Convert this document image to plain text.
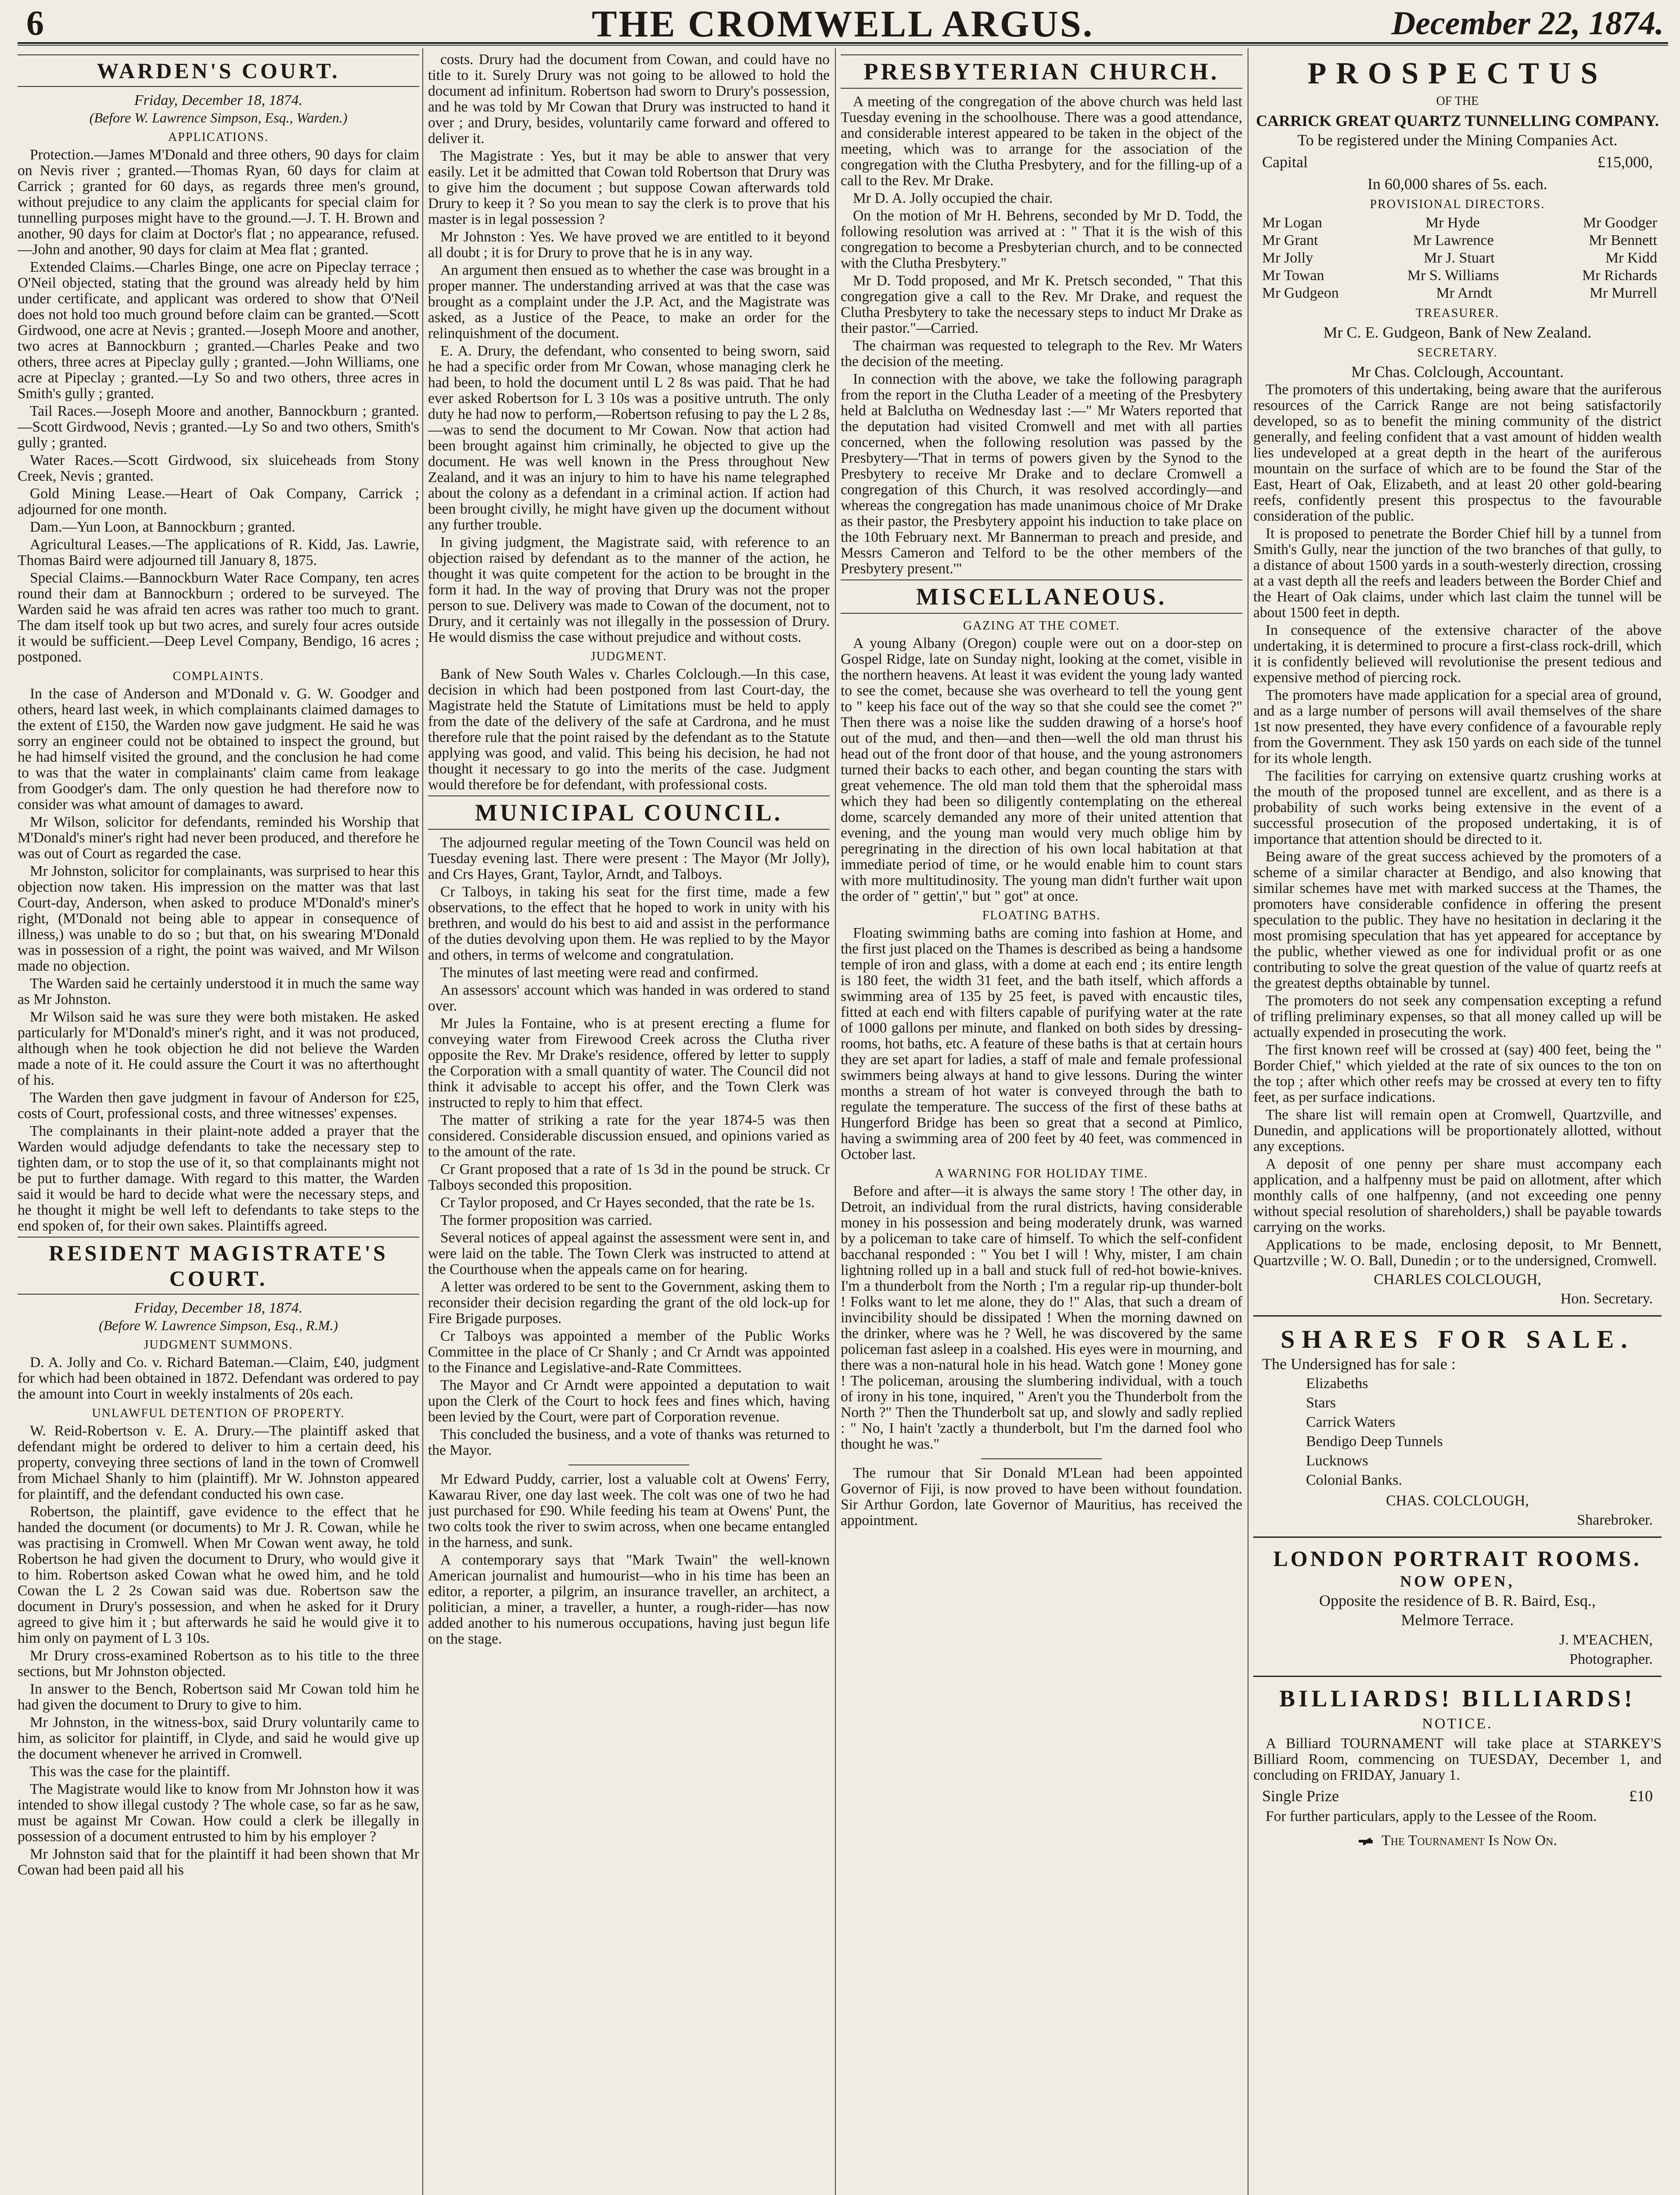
6	THE CROMWELL ARGUS.	December 22, 1874.
WARDEN'S COURT.
Friday, December 18, 1874.
(Before W. Lawrence Simpson, Esq., Warden.)
APPLICATIONS.

Protection.—James M'Donald and three others, 90 days for claim on Nevis river ; granted.—Thomas Ryan, 60 days for claim at Carrick ; granted for 60 days, as regards three men's ground, without prejudice to any claim the applicants for special claim for tunnelling purposes might have to the ground.—J. T. H. Brown and another, 90 days for claim at Doctor's flat ; no appearance, refused.—John and another, 90 days for claim at Mea flat ; granted.

Extended Claims.—Charles Binge, one acre on Pipeclay terrace ; O'Neil objected, stating that the ground was already held by him under certificate, and applicant was ordered to show that O'Neil does not hold too much ground before claim can be granted.—Scott Girdwood, one acre at Nevis ; granted.—Joseph Moore and another, two acres at Bannockburn ; granted.—Charles Peake and two others, three acres at Pipeclay gully ; granted.—John Williams, one acre at Pipeclay ; granted.—Ly So and two others, three acres in Smith's gully ; granted.

Tail Races.—Joseph Moore and another, Bannockburn ; granted.—Scott Girdwood, Nevis ; granted.—Ly So and two others, Smith's gully ; granted.

Water Races.—Scott Girdwood, six sluiceheads from Stony Creek, Nevis ; granted.

Gold Mining Lease.—Heart of Oak Company, Carrick ; adjourned for one month.

Dam.—Yun Loon, at Bannockburn ; granted.

Agricultural Leases.—The applications of R. Kidd, Jas. Lawrie, Thomas Baird were adjourned till January 8, 1875.

Special Claims.—Bannockburn Water Race Company, ten acres round their dam at Bannockburn ; ordered to be surveyed. The Warden said he was afraid ten acres was rather too much to grant. The dam itself took up but two acres, and surely four acres outside it would be sufficient.—Deep Level Company, Bendigo, 16 acres ; postponed.

COMPLAINTS.

In the case of Anderson and M'Donald v. G. W. Goodger and others, heard last week, in which complainants claimed damages to the extent of £150, the Warden now gave judgment. He said he was sorry an engineer could not be obtained to inspect the ground, but he had himself visited the ground, and the conclusion he had come to was that the water in complainants' claim came from leakage from Goodger's dam. The only question he had therefore now to consider was what amount of damages to award.

Mr Wilson, solicitor for defendants, reminded his Worship that M'Donald's miner's right had never been produced, and therefore he was out of Court as regarded the case.

Mr Johnston, solicitor for complainants, was surprised to hear this objection now taken. His impression on the matter was that last Court-day, Anderson, when asked to produce M'Donald's miner's right, (M'Donald not being able to appear in consequence of illness,) was unable to do so ; but that, on his swearing M'Donald was in possession of a right, the point was waived, and Mr Wilson made no objection.

The Warden said he certainly understood it in much the same way as Mr Johnston.

Mr Wilson said he was sure they were both mistaken. He asked particularly for M'Donald's miner's right, and it was not produced, although when he took objection he did not believe the Warden made a note of it. He could assure the Court it was no afterthought of his.

The Warden then gave judgment in favour of Anderson for £25, costs of Court, professional costs, and three witnesses' expenses.

The complainants in their plaint-note added a prayer that the Warden would adjudge defendants to take the necessary step to tighten dam, or to stop the use of it, so that complainants might not be put to further damage. With regard to this matter, the Warden said it would be hard to decide what were the necessary steps, and he thought it might be well left to defendants to take steps to the end spoken of, for their own sakes. Plaintiffs agreed.

RESIDENT MAGISTRATE'S COURT.
Friday, December 18, 1874.
(Before W. Lawrence Simpson, Esq., R.M.)
JUDGMENT SUMMONS.

D. A. Jolly and Co. v. Richard Bateman.—Claim, £40, judgment for which had been obtained in 1872. Defendant was ordered to pay the amount into Court in weekly instalments of 20s each.

UNLAWFUL DETENTION OF PROPERTY.

W. Reid-Robertson v. E. A. Drury.—The plaintiff asked that defendant might be ordered to deliver to him a certain deed, his property, conveying three sections of land in the town of Cromwell from Michael Shanly to him (plaintiff). Mr W. Johnston appeared for plaintiff, and the defendant conducted his own case.

Robertson, the plaintiff, gave evidence to the effect that he handed the document (or documents) to Mr J. R. Cowan, while he was practising in Cromwell. When Mr Cowan went away, he told Robertson he had given the document to Drury, who would give it to him. Robertson asked Cowan what he owed him, and he told Cowan the L 2 2s Cowan said was due. Robertson saw the document in Drury's possession, and when he asked for it Drury agreed to give him it ; but afterwards he said he would give it to him only on payment of L 3 10s.

Mr Drury cross-examined Robertson as to his title to the three sections, but Mr Johnston objected.

In answer to the Bench, Robertson said Mr Cowan told him he had given the document to Drury to give to him.

Mr Johnston, in the witness-box, said Drury voluntarily came to him, as solicitor for plaintiff, in Clyde, and said he would give up the document whenever he arrived in Cromwell.

This was the case for the plaintiff.

The Magistrate would like to know from Mr Johnston how it was intended to show illegal custody ? The whole case, so far as he saw, must be against Mr Cowan. How could a clerk be illegally in possession of a document entrusted to him by his employer ?

Mr Johnston said that for the plaintiff it had been shown that Mr Cowan had been paid all his

costs. Drury had the document from Cowan, and could have no title to it. Surely Drury was not going to be allowed to hold the document ad infinitum. Robertson had sworn to Drury's possession, and he was told by Mr Cowan that Drury was instructed to hand it over ; and Drury, besides, voluntarily came forward and offered to deliver it.

The Magistrate : Yes, but it may be able to answer that very easily. Let it be admitted that Cowan told Robertson that Drury was to give him the document ; but suppose Cowan afterwards told Drury to keep it ? So you mean to say the clerk is to prove that his master is in legal possession ?

Mr Johnston : Yes. We have proved we are entitled to it beyond all doubt ; it is for Drury to prove that he is in any way.

An argument then ensued as to whether the case was brought in a proper manner. The understanding arrived at was that the case was brought as a complaint under the J.P. Act, and the Magistrate was asked, as a Justice of the Peace, to make an order for the relinquishment of the document.

E. A. Drury, the defendant, who consented to being sworn, said he had a specific order from Mr Cowan, whose managing clerk he had been, to hold the document until L 2 8s was paid. That he had ever asked Robertson for L 3 10s was a positive untruth. The only duty he had now to perform,—Robertson refusing to pay the L 2 8s,—was to send the document to Mr Cowan. Now that action had been brought against him criminally, he objected to give up the document. He was well known in the Press throughout New Zealand, and it was an injury to him to have his name telegraphed about the colony as a defendant in a criminal action. If action had been brought civilly, he might have given up the document without any further trouble.

In giving judgment, the Magistrate said, with reference to an objection raised by defendant as to the manner of the action, he thought it was quite competent for the action to be brought in the form it had. In the way of proving that Drury was not the proper person to sue. Delivery was made to Cowan of the document, not to Drury, and it certainly was not illegally in the possession of Drury. He would dismiss the case without prejudice and without costs.

JUDGMENT.

Bank of New South Wales v. Charles Colclough.—In this case, decision in which had been postponed from last Court-day, the Magistrate held the Statute of Limitations must be held to apply from the date of the delivery of the safe at Cardrona, and he must therefore rule that the point raised by the defendant as to the Statute applying was good, and valid. This being his decision, he had not thought it necessary to go into the merits of the case. Judgment would therefore be for defendant, with professional costs.

MUNICIPAL COUNCIL.

The adjourned regular meeting of the Town Council was held on Tuesday evening last. There were present : The Mayor (Mr Jolly), and Crs Hayes, Grant, Taylor, Arndt, and Talboys.

Cr Talboys, in taking his seat for the first time, made a few observations, to the effect that he hoped to work in unity with his brethren, and would do his best to aid and assist in the performance of the duties devolving upon them. He was replied to by the Mayor and others, in terms of welcome and congratulation.

The minutes of last meeting were read and confirmed.

An assessors' account which was handed in was ordered to stand over.

Mr Jules la Fontaine, who is at present erecting a flume for conveying water from Firewood Creek across the Clutha river opposite the Rev. Mr Drake's residence, offered by letter to supply the Corporation with a small quantity of water. The Council did not think it advisable to accept his offer, and the Town Clerk was instructed to reply to him that effect.

The matter of striking a rate for the year 1874-5 was then considered. Considerable discussion ensued, and opinions varied as to the amount of the rate.

Cr Grant proposed that a rate of 1s 3d in the pound be struck. Cr Talboys seconded this proposition.

Cr Taylor proposed, and Cr Hayes seconded, that the rate be 1s.

The former proposition was carried.

Several notices of appeal against the assessment were sent in, and were laid on the table. The Town Clerk was instructed to attend at the Courthouse when the appeals came on for hearing.

A letter was ordered to be sent to the Government, asking them to reconsider their decision regarding the grant of the old lock-up for Fire Brigade purposes.

Cr Talboys was appointed a member of the Public Works Committee in the place of Cr Shanly ; and Cr Arndt was appointed to the Finance and Legislative-and-Rate Committees.

The Mayor and Cr Arndt were appointed a deputation to wait upon the Clerk of the Court to hock fees and fines which, having been levied by the Court, were part of Corporation revenue.

This concluded the business, and a vote of thanks was returned to the Mayor.

Mr Edward Puddy, carrier, lost a valuable colt at Owens' Ferry, Kawarau River, one day last week. The colt was one of two he had just purchased for £90. While feeding his team at Owens' Punt, the two colts took the river to swim across, when one became entangled in the harness, and sunk.

A contemporary says that "Mark Twain" the well-known American journalist and humourist—who in his time has been an editor, a reporter, a pilgrim, an insurance traveller, an architect, a politician, a miner, a traveller, a hunter, a rough-rider—has now added another to his numerous occupations, having just begun life on the stage.

PRESBYTERIAN CHURCH.

A meeting of the congregation of the above church was held last Tuesday evening in the schoolhouse. There was a good attendance, and considerable interest appeared to be taken in the object of the meeting, which was to arrange for the association of the congregation with the Clutha Presbytery, and for the filling-up of a call to the Rev. Mr Drake.

Mr D. A. Jolly occupied the chair.

On the motion of Mr H. Behrens, seconded by Mr D. Todd, the following resolution was arrived at : " That it is the wish of this congregation to become a Presbyterian church, and to be connected with the Clutha Presbytery."

Mr D. Todd proposed, and Mr K. Pretsch seconded, " That this congregation give a call to the Rev. Mr Drake, and request the Clutha Presbytery to take the necessary steps to induct Mr Drake as their pastor."—Carried.

The chairman was requested to telegraph to the Rev. Mr Waters the decision of the meeting.

In connection with the above, we take the following paragraph from the report in the Clutha Leader of a meeting of the Presbytery held at Balclutha on Wednesday last :—" Mr Waters reported that the deputation had visited Cromwell and met with all parties concerned, when the following resolution was passed by the Presbytery—'That in terms of powers given by the Synod to the Presbytery to receive Mr Drake and to declare Cromwell a congregation of this Church, it was resolved accordingly—and whereas the congregation has made unanimous choice of Mr Drake as their pastor, the Presbytery appoint his induction to take place on the 10th February next. Mr Bannerman to preach and preside, and Messrs Cameron and Telford to be the other members of the Presbytery present.'"

MISCELLANEOUS.
GAZING AT THE COMET.

A young Albany (Oregon) couple were out on a door-step on Gospel Ridge, late on Sunday night, looking at the comet, visible in the northern heavens. At least it was evident the young lady wanted to see the comet, because she was overheard to tell the young gent to " keep his face out of the way so that she could see the comet ?" Then there was a noise like the sudden drawing of a horse's hoof out of the mud, and then—and then—well the old man thrust his head out of the front door of that house, and the young astronomers turned their backs to each other, and began counting the stars with great vehemence. The old man told them that the spheroidal mass which they had been so diligently contemplating on the ethereal dome, scarcely demanded any more of their united attention that evening, and the young man would very much oblige him by peregrinating in the direction of his own local habitation at that immediate period of time, or he would enable him to count stars with more multitudinosity. The young man didn't further wait upon the order of " gettin'," but " got" at once.

FLOATING BATHS.

Floating swimming baths are coming into fashion at Home, and the first just placed on the Thames is described as being a handsome temple of iron and glass, with a dome at each end ; its entire length is 180 feet, the width 31 feet, and the bath itself, which affords a swimming area of 135 by 25 feet, is paved with encaustic tiles, fitted at each end with filters capable of purifying water at the rate of 1000 gallons per minute, and flanked on both sides by dressing-rooms, hot baths, etc. A feature of these baths is that at certain hours they are set apart for ladies, a staff of male and female professional swimmers being always at hand to give lessons. During the winter months a stream of hot water is conveyed through the bath to regulate the temperature. The success of the first of these baths at Hungerford Bridge has been so great that a second at Pimlico, having a swimming area of 200 feet by 40 feet, was commenced in October last.

A WARNING FOR HOLIDAY TIME.

Before and after—it is always the same story ! The other day, in Detroit, an individual from the rural districts, having considerable money in his possession and being moderately drunk, was warned by a policeman to take care of himself. To which the self-confident bacchanal responded : " You bet I will ! Why, mister, I am chain lightning rolled up in a ball and stuck full of red-hot bowie-knives. I'm a thunderbolt from the North ; I'm a regular rip-up thunder-bolt ! Folks want to let me alone, they do !" Alas, that such a dream of invincibility should be dissipated ! When the morning dawned on the drinker, where was he ? Well, he was discovered by the same policeman fast asleep in a coalshed. His eyes were in mourning, and there was a non-natural hole in his head. Watch gone ! Money gone ! The policeman, arousing the slumbering individual, with a touch of irony in his tone, inquired, " Aren't you the Thunderbolt from the North ?" Then the Thunderbolt sat up, and slowly and sadly replied : " No, I hain't 'zactly a thunderbolt, but I'm the darned fool who thought he was."

The rumour that Sir Donald M'Lean had been appointed Governor of Fiji, is now proved to have been without foundation. Sir Arthur Gordon, late Governor of Mauritius, has received the appointment.

PROSPECTUS
OF THE
CARRICK GREAT QUARTZ TUNNELLING COMPANY.
To be registered under the Mining Companies Act.
Capital	£15,000,
In 60,000 shares of 5s. each.
PROVISIONAL DIRECTORS.
Mr Logan	Mr Hyde	Mr Goodger
Mr Grant	Mr Lawrence	Mr Bennett
Mr Jolly	Mr J. Stuart	Mr Kidd
Mr Towan	Mr S. Williams	Mr Richards
Mr Gudgeon	Mr Arndt	Mr Murrell
TREASURER.
Mr C. E. Gudgeon, Bank of New Zealand.
SECRETARY.
Mr Chas. Colclough, Accountant.

The promoters of this undertaking, being aware that the auriferous resources of the Carrick Range are not being satisfactorily developed, so as to benefit the mining community of the district generally, and feeling confident that a vast amount of hidden wealth lies undeveloped at a great depth in the heart of the auriferous mountain on the surface of which are to be found the Star of the East, Heart of Oak, Elizabeth, and at least 20 other gold-bearing reefs, confidently present this prospectus to the favourable consideration of the public.

It is proposed to penetrate the Border Chief hill by a tunnel from Smith's Gully, near the junction of the two branches of that gully, to a distance of about 1500 yards in a south-westerly direction, crossing at a vast depth all the reefs and leaders between the Border Chief and the Heart of Oak claims, under which last claim the tunnel will be about 1500 feet in depth.

In consequence of the extensive character of the above undertaking, it is determined to procure a first-class rock-drill, which it is confidently believed will revolutionise the present tedious and expensive method of piercing rock.

The promoters have made application for a special area of ground, and as a large number of persons will avail themselves of the share 1st now presented, they have every confidence of a favourable reply from the Government. They ask 150 yards on each side of the tunnel for its whole length.

The facilities for carrying on extensive quartz crushing works at the mouth of the proposed tunnel are excellent, and as there is a probability of such works being extensive in the event of a successful prosecution of the proposed undertaking, it is of importance that attention should be directed to it.

Being aware of the great success achieved by the promoters of a scheme of a similar character at Bendigo, and also knowing that similar schemes have met with marked success at the Thames, the promoters have considerable confidence in offering the present speculation to the public. They have no hesitation in declaring it the most promising speculation that has yet appeared for acceptance by the public, whether viewed as one for individual profit or as one contributing to solve the great question of the value of quartz reefs at the greatest depths obtainable by tunnel.

The promoters do not seek any compensation excepting a refund of trifling preliminary expenses, so that all money called up will be actually expended in prosecuting the work.

The first known reef will be crossed at (say) 400 feet, being the " Border Chief," which yielded at the rate of six ounces to the ton on the top ; after which other reefs may be crossed at every ten to fifty feet, as per surface indications.

The share list will remain open at Cromwell, Quartzville, and Dunedin, and applications will be proportionately allotted, without any exceptions.

A deposit of one penny per share must accompany each application, and a halfpenny must be paid on allotment, after which monthly calls of one halfpenny, (and not exceeding one penny without special resolution of shareholders,) shall be payable towards carrying on the works.

Applications to be made, enclosing deposit, to Mr Bennett, Quartzville ; W. O. Ball, Dunedin ; or to the undersigned, Cromwell.

CHARLES COLCLOUGH,
Hon. Secretary.
SHARES FOR SALE.
The Undersigned has for sale :
Elizabeths
Stars
Carrick Waters
Bendigo Deep Tunnels
Lucknows
Colonial Banks.
CHAS. COLCLOUGH,
Sharebroker.
LONDON PORTRAIT ROOMS.
NOW OPEN,
Opposite the residence of B. R. Baird, Esq.,
Melmore Terrace.
J. M'EACHEN,
Photographer.
BILLIARDS! BILLIARDS!
NOTICE.

A Billiard TOURNAMENT will take place at STARKEY'S Billiard Room, commencing on TUESDAY, December 1, and concluding on FRIDAY, January 1.

Single Prize	£10

For further particulars, apply to the Lessee of the Room.

The Tournament Is Now On.
